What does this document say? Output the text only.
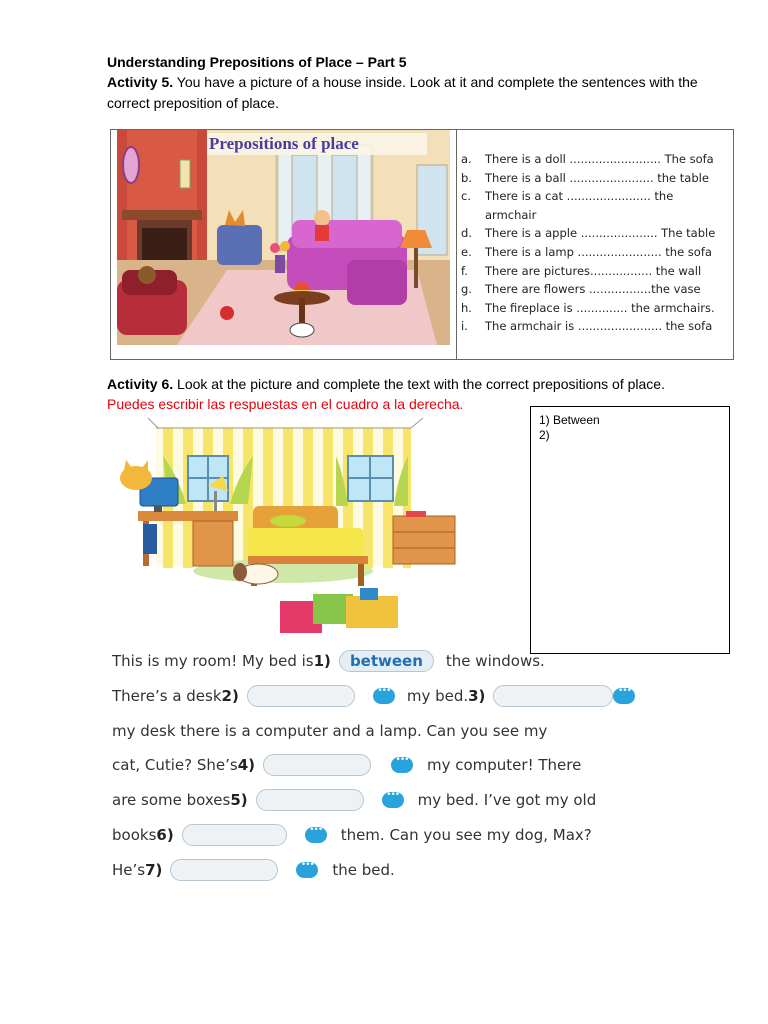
Understanding Prepositions of Place – Part 5
Activity 5. You have a picture of a house inside. Look at it and complete the sentences with the correct preposition of place.
Prepositions of place
a.	There is a doll ......................... The sofa
b.	There is a ball ....................... the table
c.	There is a cat ....................... the
armchair
d.	There is a apple ..................... The table
e.	There is a lamp ....................... the sofa
f.	There are pictures................. the wall
g.	There are flowers .................the vase
h.	The fireplace is .............. the armchairs.
i.	The armchair is ....................... the sofa
Activity 6. Look at the picture and complete the text with the correct prepositions of place.
Puedes escribir las respuestas en el cuadro a la derecha.
1) Between
2)
This is my room! My bed is 1)	between	the windows.
There’s a desk 2) •••	my bed. 3)
•••
my desk there is a computer and a lamp. Can you see my
cat, Cutie? She’s 4) •••	my computer! There
are some boxes 5) •••	my bed. I’ve got my old
books 6) •••	them. Can you see my dog, Max?
He’s 7) •••	the bed.
